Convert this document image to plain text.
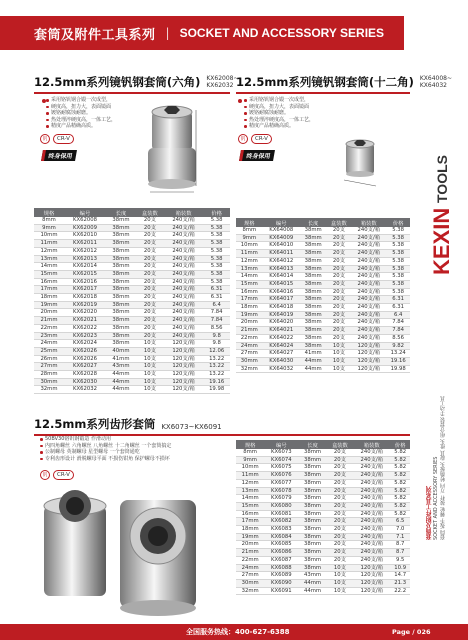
套筒及附件工具系列 | SOCKET AND ACCESSORY SERIES
KEXIN
TOOLS
套筒及附件工具系列 SOCKET AND ACCESSORY SERIES 套筒 扳手 棘轮 接杆 万向 转换接头 旋具 批头 组合套装 手动工具
12.5mm系列镜钒钢套筒(六角) KX62008~
KX62032
采用铬钒钢合锻一次成型，
硬度高，扭力大，表面镜面
镀铬耐腐蚀耐磨。
热处理淬硬度高，一体工艺，
精度产品精确高质。
钒	CR-V
终身保用
规格	编号	长度	盒装数	箱装数	价格
8mm	KX62008	38mm	20支	240支/箱	5.38
9mm	KX62009	38mm	20支	240支/箱	5.38
10mm	KX62010	38mm	20支	240支/箱	5.38
11mm	KX62011	38mm	20支	240支/箱	5.38
12mm	KX62012	38mm	20支	240支/箱	5.38
13mm	KX62013	38mm	20支	240支/箱	5.38
14mm	KX62014	38mm	20支	240支/箱	5.38
15mm	KX62015	38mm	20支	240支/箱	5.38
16mm	KX62016	38mm	20支	240支/箱	5.38
17mm	KX62017	38mm	20支	240支/箱	6.31
18mm	KX62018	38mm	20支	240支/箱	6.31
19mm	KX62019	38mm	20支	240支/箱	6.4
20mm	KX62020	38mm	20支	240支/箱	7.84
21mm	KX62021	38mm	20支	240支/箱	7.84
22mm	KX62022	38mm	20支	240支/箱	8.56
23mm	KX62023	38mm	20支	240支/箱	9.8
24mm	KX62024	38mm	10支	120支/箱	9.8
25mm	KX62026	40mm	10支	120支/箱	12.06
26mm	KX62026	41mm	10支	120支/箱	13.22
27mm	KX62027	43mm	10支	120支/箱	13.22
28mm	KX62028	44mm	10支	120支/箱	13.22
30mm	KX62030	44mm	10支	120支/箱	19.16
32mm	KX62032	44mm	10支	120支/箱	19.98
12.5mm系列镜钒钢套筒(十二角) KX64008~
KX64032
采用铬钒钢合锻一次成型，
硬度高，扭力大，表面镜面
镀铬耐腐蚀耐磨。
热处理淬硬度高，一体工艺，
精度产品精确高质。
钒	CR-V
终身保用
规格	编号	长度	盒装数	箱装数	价格
8mm	KX64008	38mm	20支	240支/箱	5.38
9mm	KX64009	38mm	20支	240支/箱	5.38
10mm	KX64010	38mm	20支	240支/箱	5.38
11mm	KX64011	38mm	20支	240支/箱	5.38
12mm	KX64012	38mm	20支	240支/箱	5.38
13mm	KX64013	38mm	20支	240支/箱	5.38
14mm	KX64014	38mm	20支	240支/箱	5.38
15mm	KX64015	38mm	20支	240支/箱	5.38
16mm	KX64016	38mm	20支	240支/箱	5.38
17mm	KX64017	38mm	20支	240支/箱	6.31
18mm	KX64018	38mm	20支	240支/箱	6.31
19mm	KX64019	38mm	20支	240支/箱	6.4
20mm	KX64020	38mm	20支	240支/箱	7.84
21mm	KX64021	38mm	20支	240支/箱	7.84
22mm	KX64022	38mm	20支	240支/箱	8.56
24mm	KX64024	38mm	10支	120支/箱	9.82
27mm	KX64027	41mm	10支	120支/箱	13.24
30mm	KX64030	44mm	10支	120支/箱	19.16
32mm	KX64032	44mm	10支	120支/箱	19.98
12.5mm系列齿形套筒 KX6073~KX6091
50BV30铬钒钢锻造 作滑动用
内四角螺丝 六角螺丝 八角螺丝 十二角螺丝 一个套筒搞定
公制螺母 英制螺母 星型螺母 一个套筒通吃
专利齿形设计 滑脱螺母平面 不损伤钳角 保护螺母不损坏
钒	CR-V
规格	编号	长度	盒装数	箱装数	价格
8mm	KX6073	38mm	20支	240支/箱	5.82
9mm	KX6074	38mm	20支	240支/箱	5.82
10mm	KX6075	38mm	20支	240支/箱	5.82
11mm	KX6076	38mm	20支	240支/箱	5.82
12mm	KX6077	38mm	20支	240支/箱	5.82
13mm	KX6078	38mm	20支	240支/箱	5.82
14mm	KX6079	38mm	20支	240支/箱	5.82
15mm	KX6080	38mm	20支	240支/箱	5.82
16mm	KX6081	38mm	20支	240支/箱	5.82
17mm	KX6082	38mm	20支	240支/箱	6.5
18mm	KX6083	38mm	20支	240支/箱	7.0
19mm	KX6084	38mm	20支	240支/箱	7.1
20mm	KX6085	38mm	20支	240支/箱	8.7
21mm	KX6086	38mm	20支	240支/箱	8.7
22mm	KX6087	38mm	20支	240支/箱	9.5
24mm	KX6088	38mm	10支	120支/箱	10.9
27mm	KX6089	43mm	10支	120支/箱	14.7
30mm	KX6090	44mm	10支	120支/箱	21.3
32mm	KX6091	44mm	10支	120支/箱	22.2
全国服务热线：400-627-6388	Page / 026
